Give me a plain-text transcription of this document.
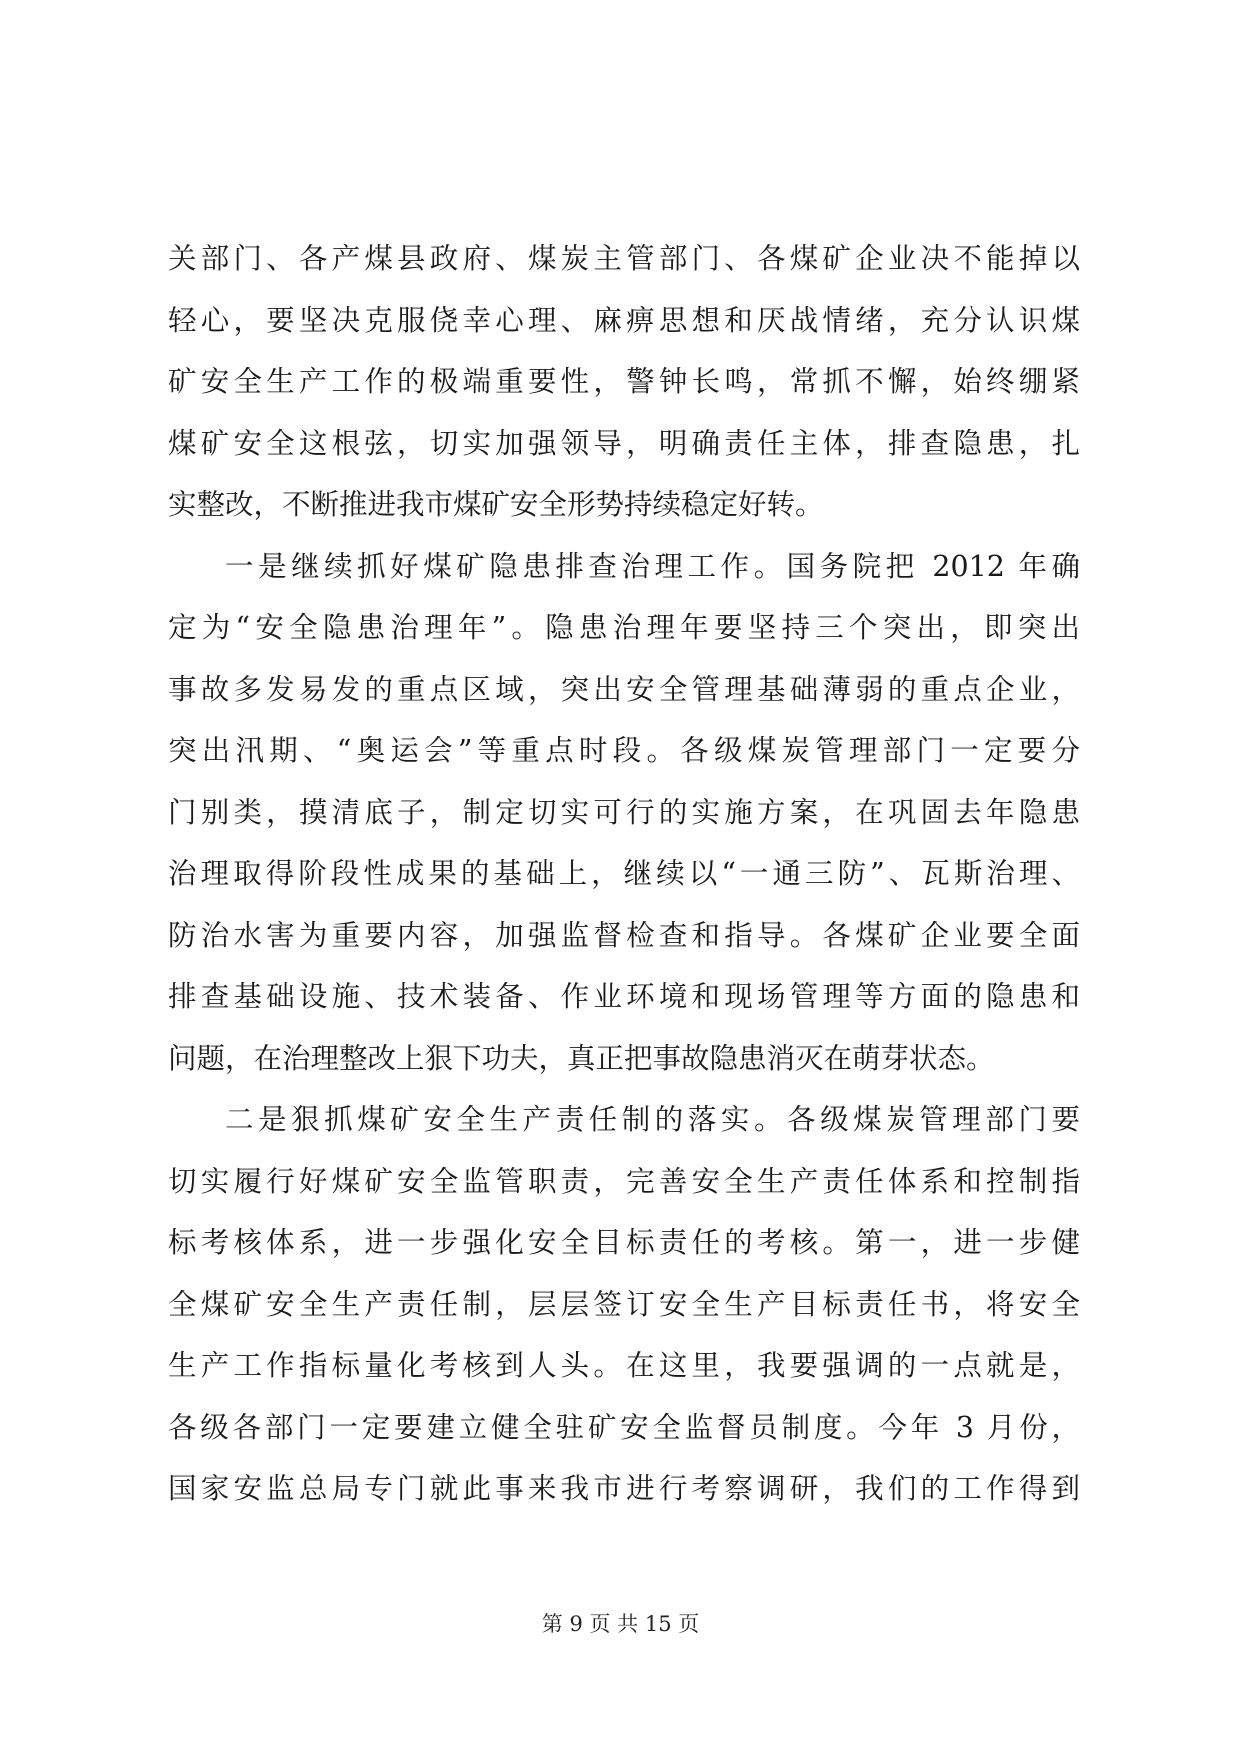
关部门、各产煤县政府、煤炭主管部门、各煤矿企业决不能掉以
轻心，要坚决克服侥幸心理、麻痹思想和厌战情绪，充分认识煤
矿安全生产工作的极端重要性，警钟长鸣，常抓不懈，始终绷紧
煤矿安全这根弦，切实加强领导，明确责任主体，排查隐患，扎
实整改，不断推进我市煤矿安全形势持续稳定好转。
一是继续抓好煤矿隐患排查治理工作。国务院把 2012 年确
定为“安全隐患治理年”。隐患治理年要坚持三个突出，即突出
事故多发易发的重点区域，突出安全管理基础薄弱的重点企业，
突出汛期、“奥运会”等重点时段。各级煤炭管理部门一定要分
门别类，摸清底子，制定切实可行的实施方案，在巩固去年隐患
治理取得阶段性成果的基础上，继续以“一通三防”、瓦斯治理、
防治水害为重要内容，加强监督检查和指导。各煤矿企业要全面
排查基础设施、技术装备、作业环境和现场管理等方面的隐患和
问题，在治理整改上狠下功夫，真正把事故隐患消灭在萌芽状态。
二是狠抓煤矿安全生产责任制的落实。各级煤炭管理部门要
切实履行好煤矿安全监管职责，完善安全生产责任体系和控制指
标考核体系，进一步强化安全目标责任的考核。第一，进一步健
全煤矿安全生产责任制，层层签订安全生产目标责任书，将安全
生产工作指标量化考核到人头。在这里，我要强调的一点就是，
各级各部门一定要建立健全驻矿安全监督员制度。今年 3 月份，
国家安监总局专门就此事来我市进行考察调研，我们的工作得到
第 9 页 共 15 页
